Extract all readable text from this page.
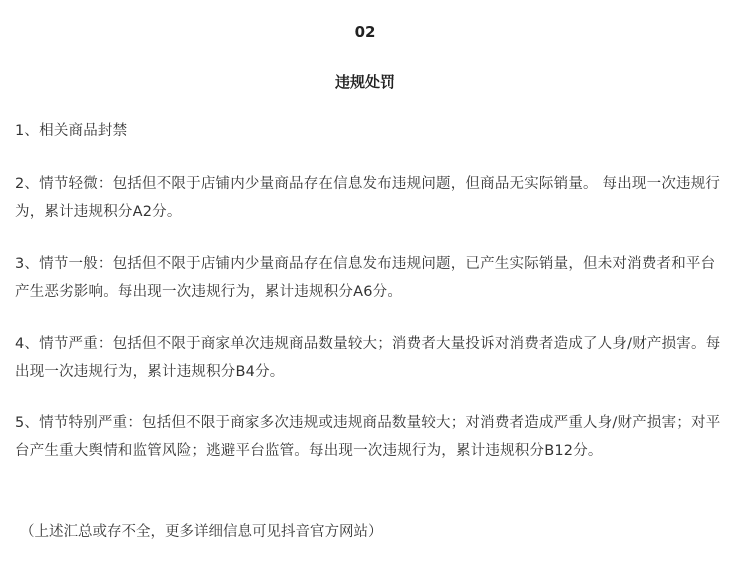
02
违规处罚

1、相关商品封禁

2、情节轻微：包括但不限于店铺内少量商品存在信息发布违规问题，但商品无实际销量。 每出现一次违规行为，累计违规积分A2分。

3、情节一般：包括但不限于店铺内少量商品存在信息发布违规问题，已产生实际销量，但未对消费者和平台产生恶劣影响。每出现一次违规行为，累计违规积分A6分。

4、情节严重：包括但不限于商家单次违规商品数量较大；消费者大量投诉对消费者造成了人身/财产损害。每出现一次违规行为，累计违规积分B4分。

5、情节特别严重：包括但不限于商家多次违规或违规商品数量较大；对消费者造成严重人身/财产损害；对平台产生重大舆情和监管风险；逃避平台监管。每出现一次违规行为，累计违规积分B12分。

（上述汇总或存不全，更多详细信息可见抖音官方网站）
